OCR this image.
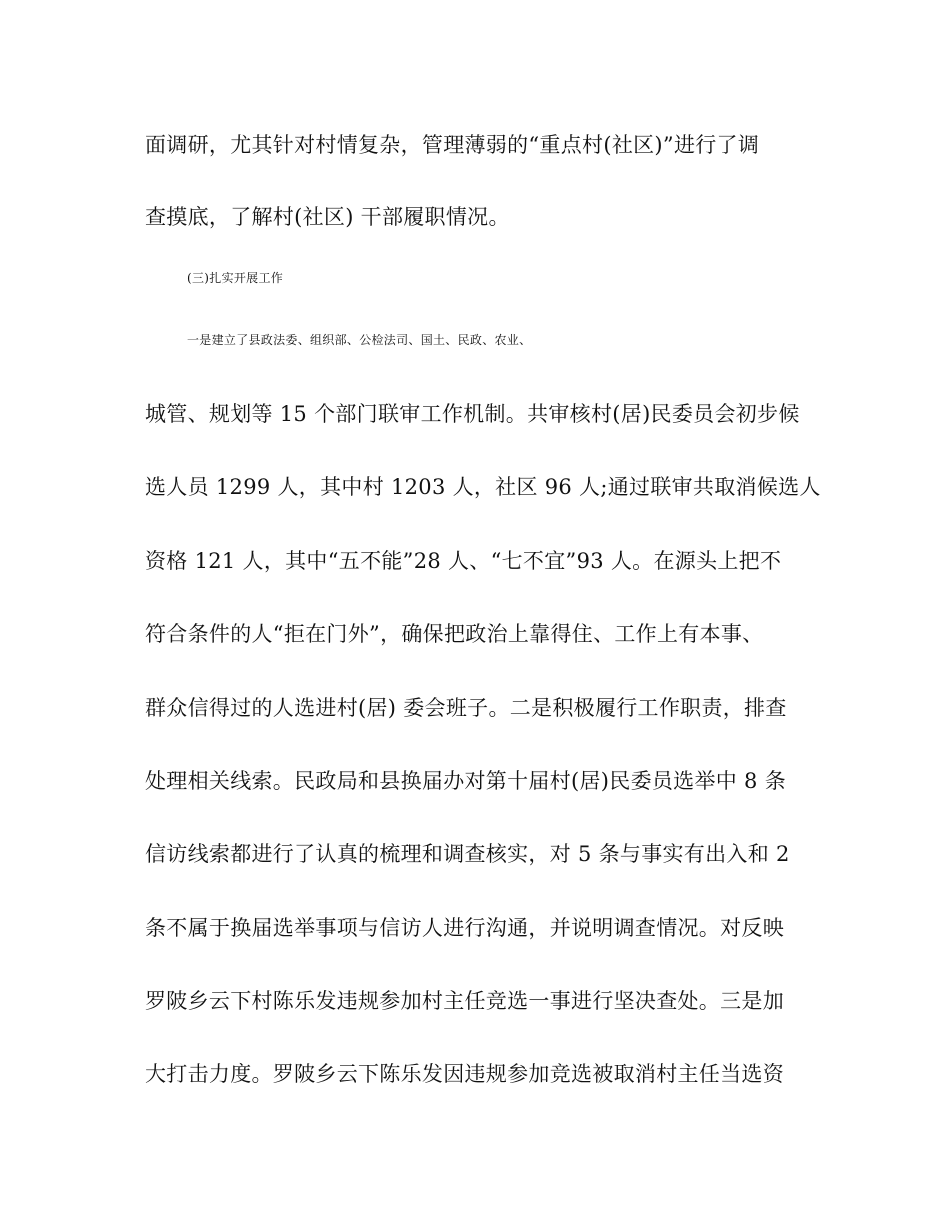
面调研，尤其针对村情复杂，管理薄弱的“重点村(社区)”进行了调
查摸底，了解村(社区) 干部履职情况。
(三)扎实开展工作
一是建立了县政法委、组织部、公检法司、国土、民政、农业、
城管、规划等 15 个部门联审工作机制。共审核村(居)民委员会初步候
选人员 1299 人，其中村 1203 人，社区 96 人;通过联审共取消候选人
资格 121 人，其中“五不能”28 人、“七不宜”93 人。在源头上把不
符合条件的人“拒在门外”，确保把政治上靠得住、工作上有本事、
群众信得过的人选进村(居) 委会班子。二是积极履行工作职责，排查
处理相关线索。民政局和县换届办对第十届村(居)民委员选举中 8 条
信访线索都进行了认真的梳理和调查核实，对 5 条与事实有出入和 2
条不属于换届选举事项与信访人进行沟通，并说明调查情况。对反映
罗陂乡云下村陈乐发违规参加村主任竞选一事进行坚决查处。三是加
大打击力度。罗陂乡云下陈乐发因违规参加竞选被取消村主任当选资
